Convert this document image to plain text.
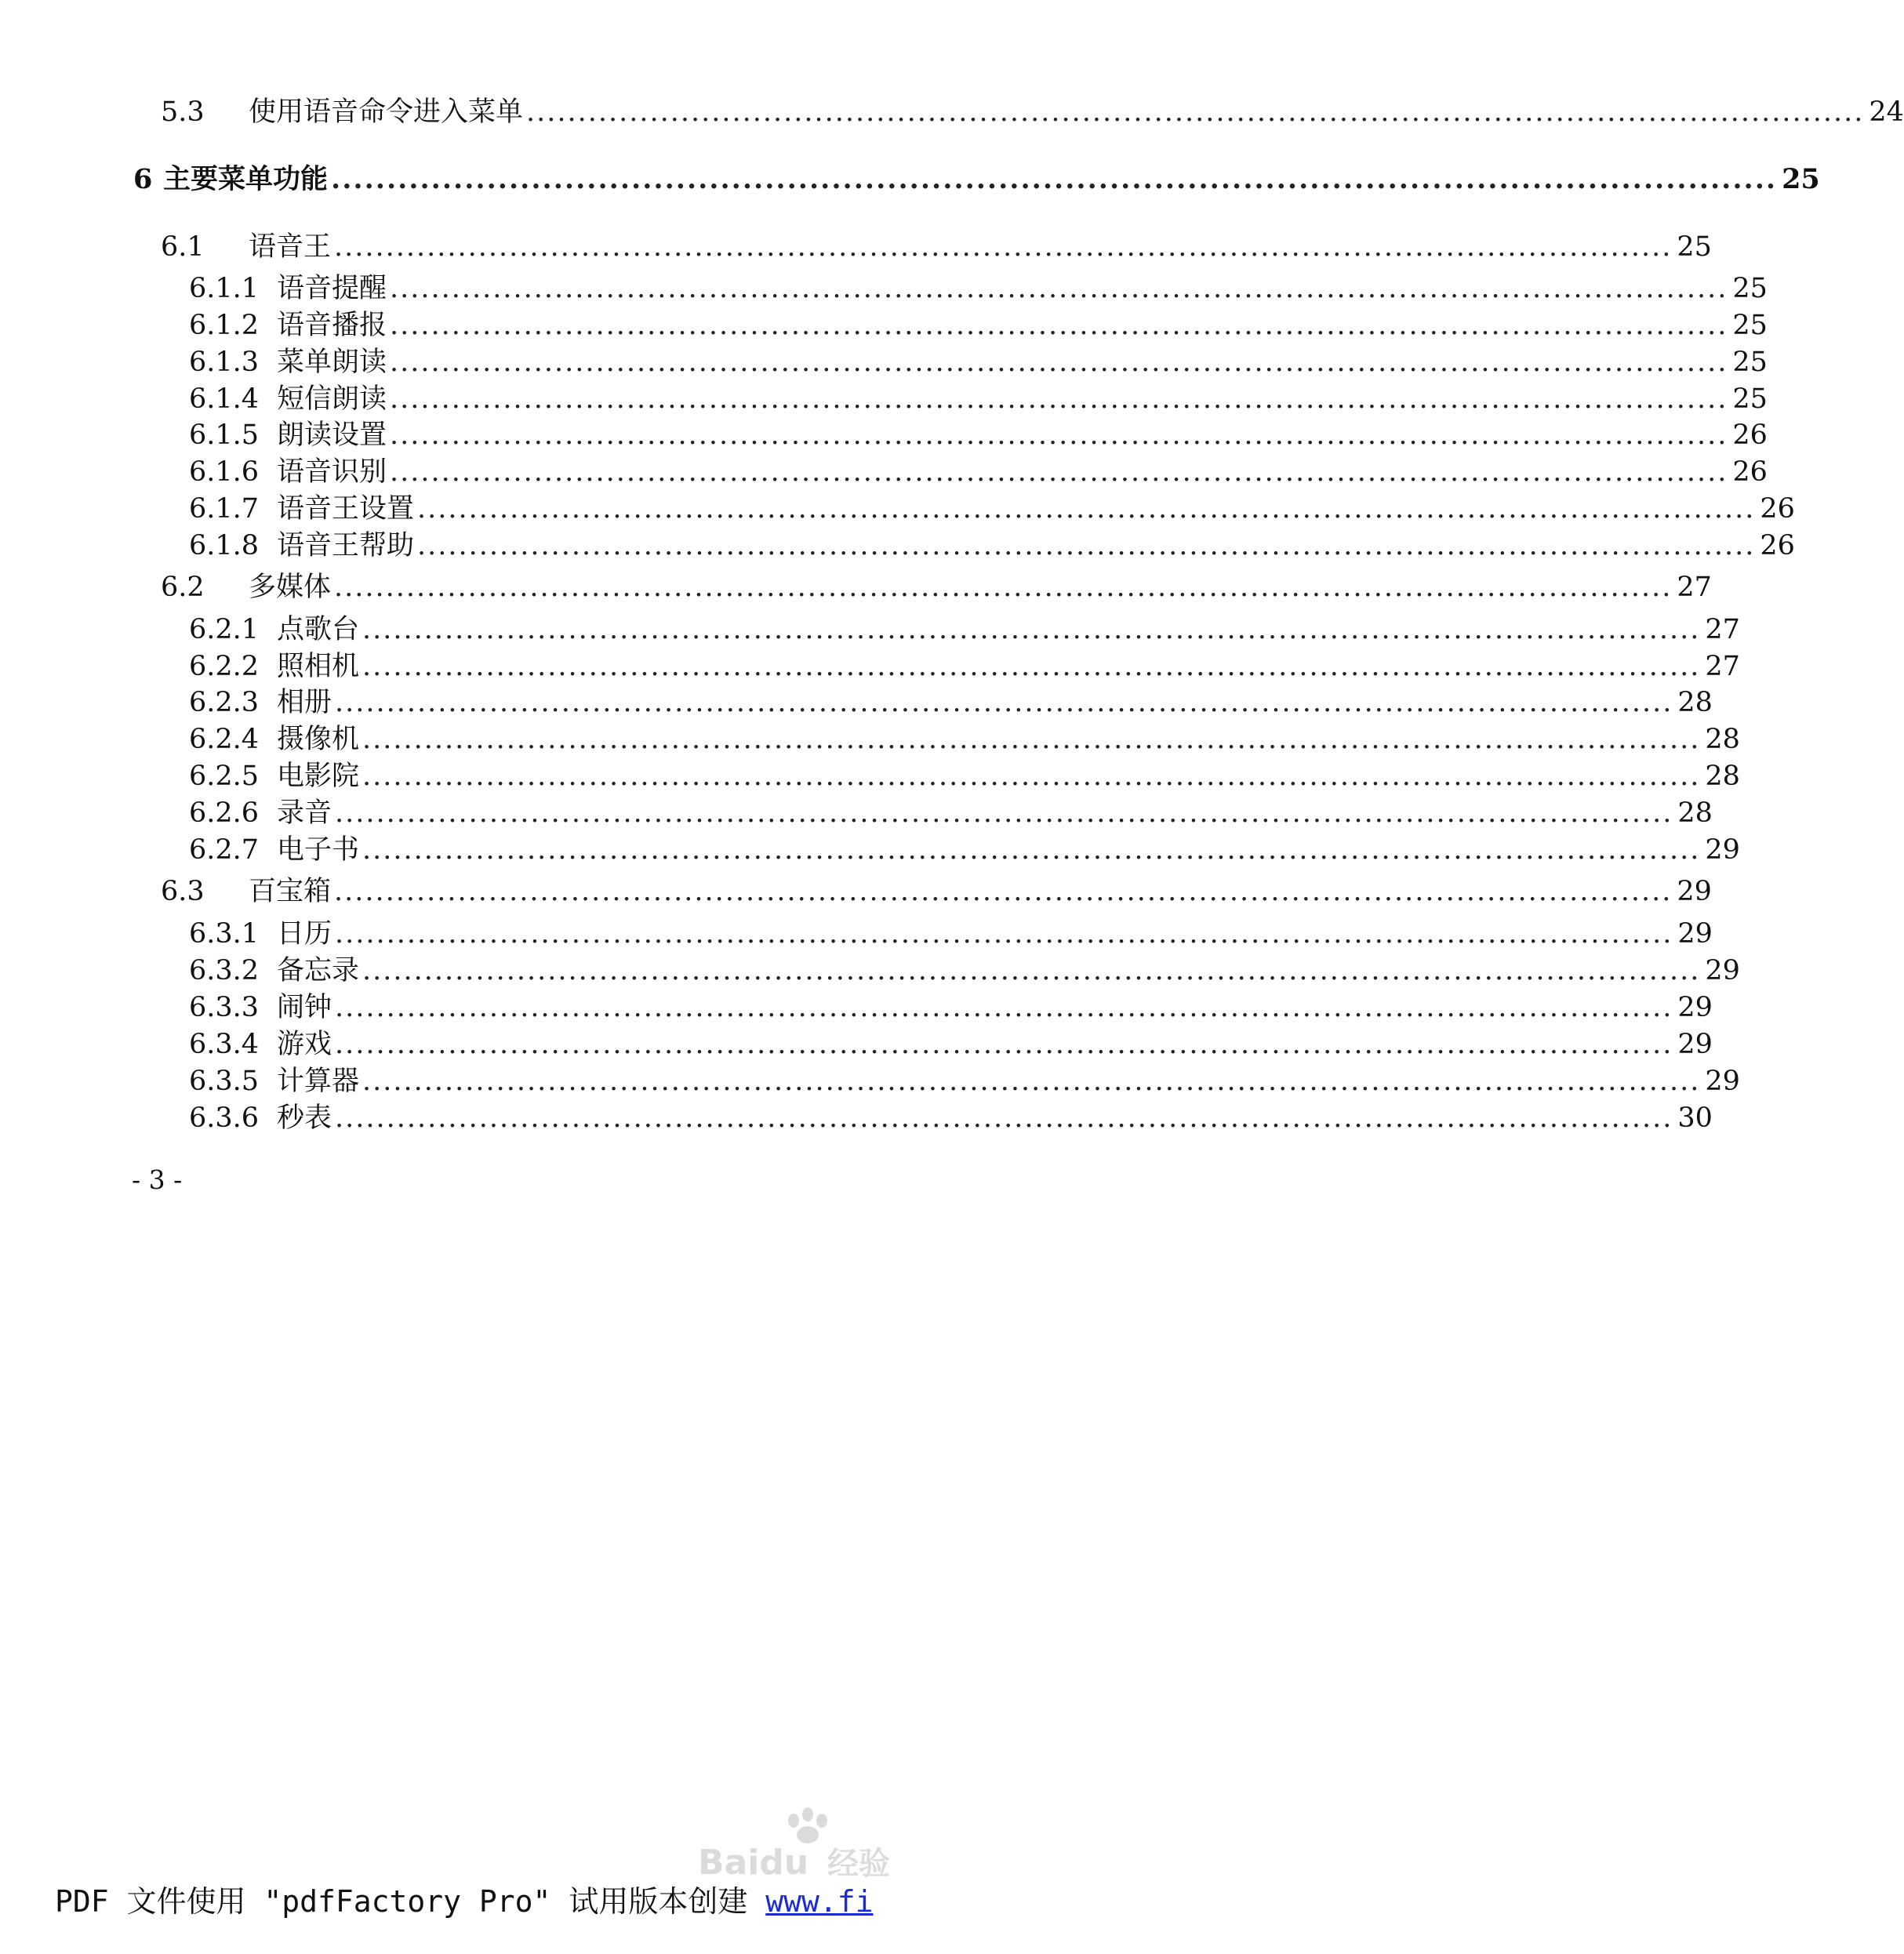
5.3	使用语音命令进入菜单 .................................................................................................................................. 24
6 主要菜单功能 .................................................................................................................................. 25
6.1	语音王 .................................................................................................................................. 25
6.1.1 语音提醒 .................................................................................................................................. 25
6.1.2 语音播报 .................................................................................................................................. 25
6.1.3 菜单朗读 .................................................................................................................................. 25
6.1.4 短信朗读 .................................................................................................................................. 25
6.1.5 朗读设置 .................................................................................................................................. 26
6.1.6 语音识别 .................................................................................................................................. 26
6.1.7 语音王设置 .................................................................................................................................. 26
6.1.8 语音王帮助 .................................................................................................................................. 26
6.2	多媒体 .................................................................................................................................. 27
6.2.1 点歌台 .................................................................................................................................. 27
6.2.2 照相机 .................................................................................................................................. 27
6.2.3 相册 .................................................................................................................................. 28
6.2.4 摄像机 .................................................................................................................................. 28
6.2.5 电影院 .................................................................................................................................. 28
6.2.6 录音 .................................................................................................................................. 28
6.2.7 电子书 .................................................................................................................................. 29
6.3	百宝箱 .................................................................................................................................. 29
6.3.1 日历 .................................................................................................................................. 29
6.3.2 备忘录 .................................................................................................................................. 29
6.3.3 闹钟 .................................................................................................................................. 29
6.3.4 游戏 .................................................................................................................................. 29
6.3.5 计算器 .................................................................................................................................. 29
6.3.6 秒表 .................................................................................................................................. 30
- 3 -
Baidu 经验
PDF 文件使用 "pdfFactory Pro" 试用版本创建 www.fi
